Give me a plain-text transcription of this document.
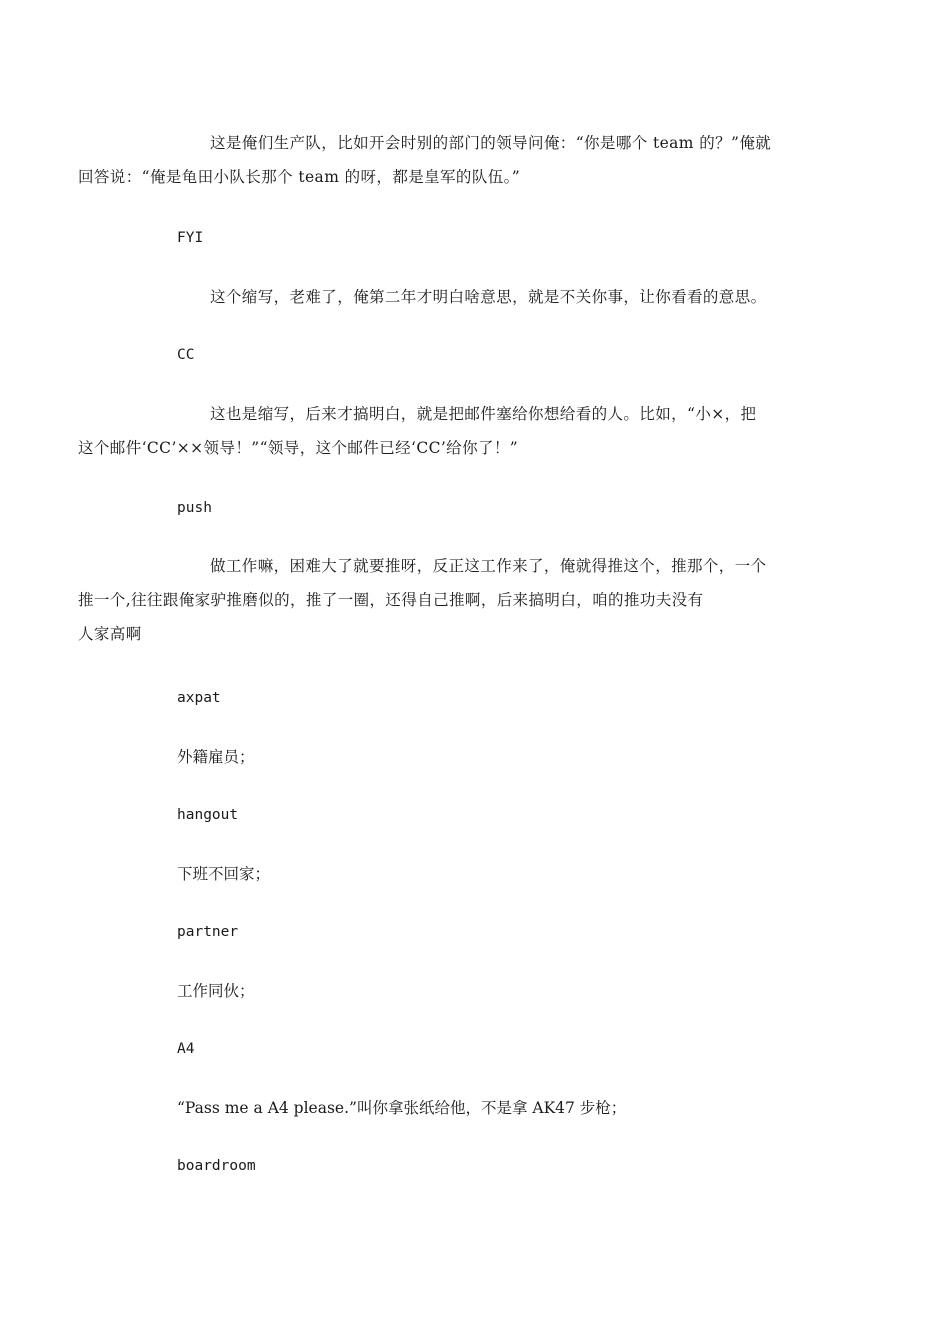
这是俺们生产队，比如开会时别的部门的领导问俺：“你是哪个 team 的？”俺就
回答说：“俺是龟田小队长那个 team 的呀，都是皇军的队伍。”

FYI

这个缩写，老难了，俺第二年才明白啥意思，就是不关你事，让你看看的意思。

CC

这也是缩写，后来才搞明白，就是把邮件塞给你想给看的人。比如，“小×，把
这个邮件‘CC’××领导！”“领导，这个邮件已经‘CC’给你了！”

push

做工作嘛，困难大了就要推呀，反正这工作来了，俺就得推这个，推那个，一个
推一个,往往跟俺家驴推磨似的，推了一圈，还得自己推啊，后来搞明白，咱的推功夫没有
人家高啊

axpat

外籍雇员；

hangout

下班不回家；

partner

工作同伙；

A4

“Pass me a A4 please.”叫你拿张纸给他，不是拿 AK47 步枪；

boardroom
